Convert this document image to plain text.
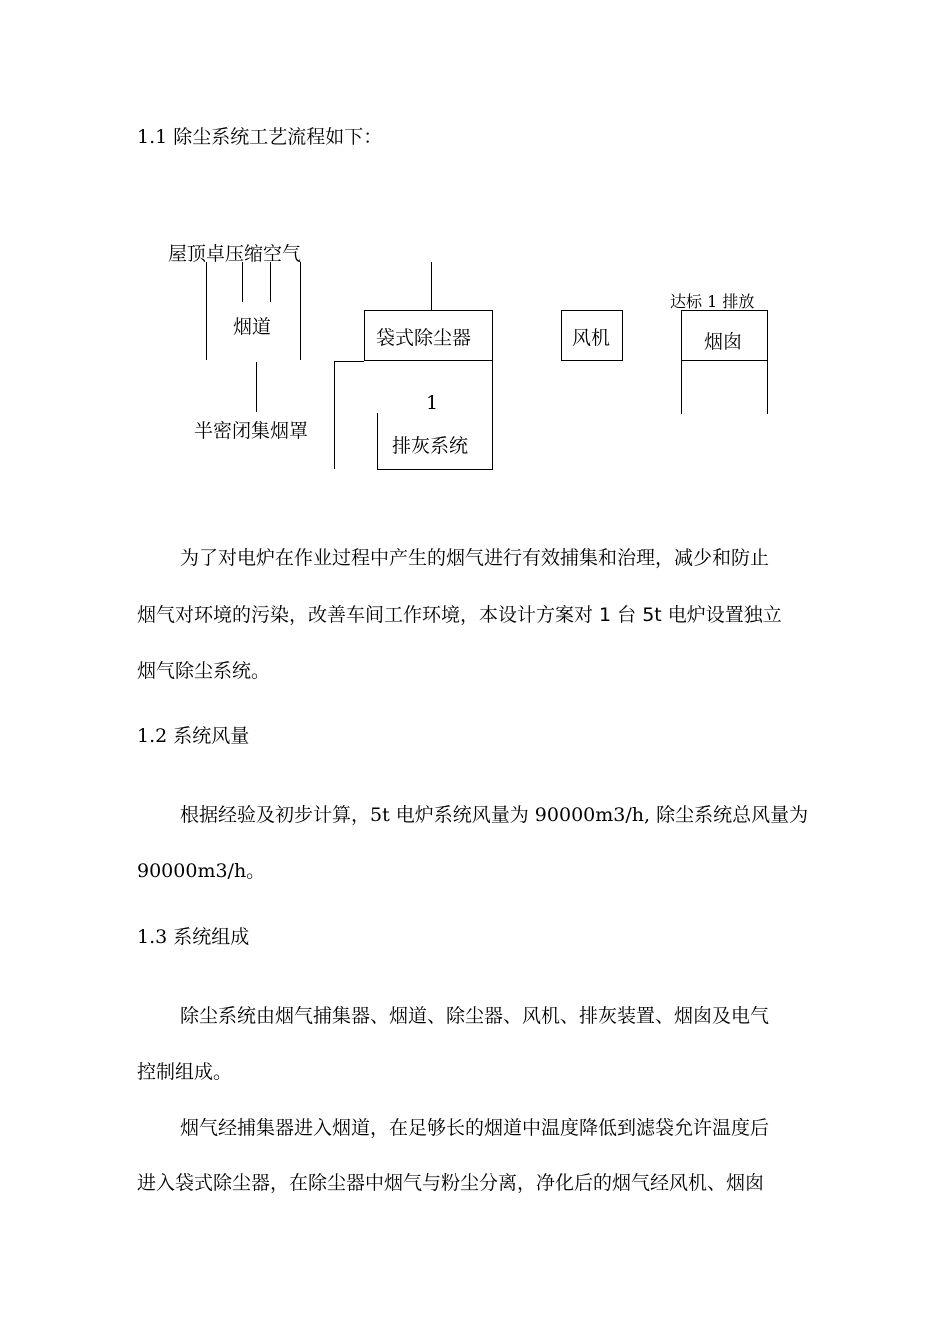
1.1 除尘系统工艺流程如下：
屋顶卓压缩空气
烟道
半密闭集烟罩
袋式除尘器
1
排灰系统
风机
达标 1 排放
烟囱
为了对电炉在作业过程中产生的烟气进行有效捕集和治理，减少和防止
烟气对环境的污染，改善车间工作环境，本设计方案对 1 台 5t 电炉设置独立
烟气除尘系统。
1.2 系统风量
根据经验及初步计算，5t 电炉系统风量为 90000m3/h, 除尘系统总风量为
90000m3/h。
1.3 系统组成
除尘系统由烟气捕集器、烟道、除尘器、风机、排灰装置、烟囱及电气
控制组成。
烟气经捕集器进入烟道，在足够长的烟道中温度降低到滤袋允许温度后
进入袋式除尘器，在除尘器中烟气与粉尘分离，净化后的烟气经风机、烟囱
